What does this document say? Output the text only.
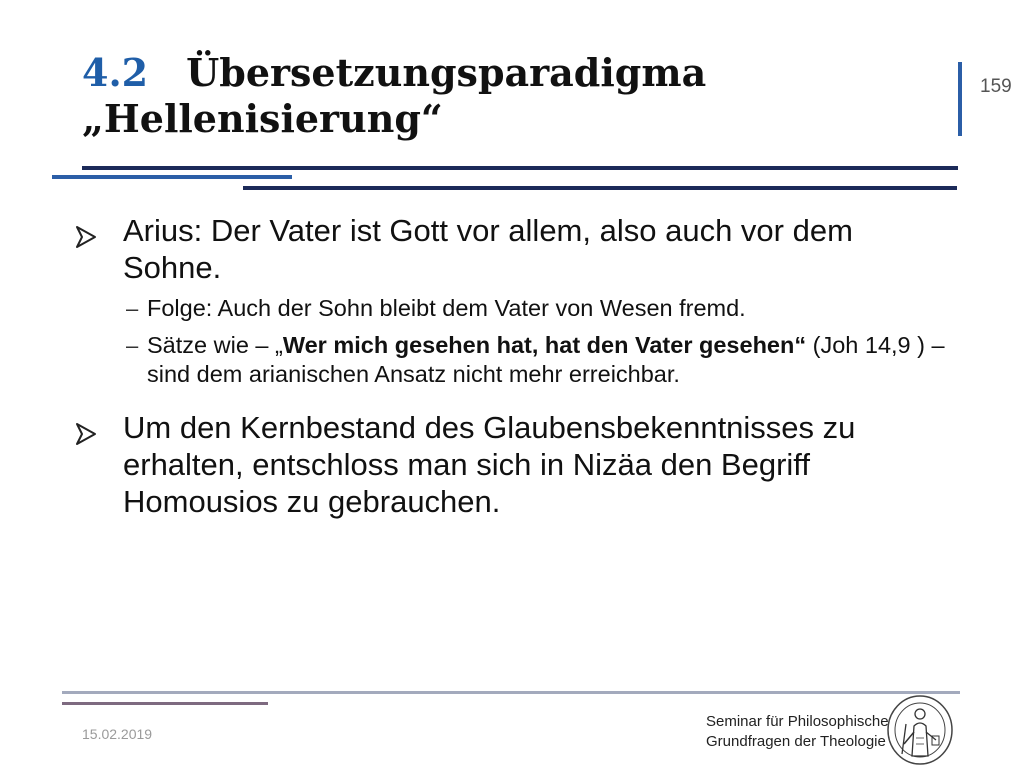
4.2 Übersetzungsparadigma
„Hellenisierung“
159
Arius: Der Vater ist Gott vor allem, also auch vor dem Sohne.
– Folge: Auch der Sohn bleibt dem Vater von Wesen fremd.
– Sätze wie – „Wer mich gesehen hat, hat den Vater gesehen“ (Joh 14,9 ) – sind dem arianischen Ansatz nicht mehr erreichbar.
Um den Kernbestand des Glaubensbekenntnisses zu erhalten, entschloss man sich in Nizäa den Begriff Homousios zu gebrauchen.
15.02.2019
Seminar für Philosophische
Grundfragen der Theologie
